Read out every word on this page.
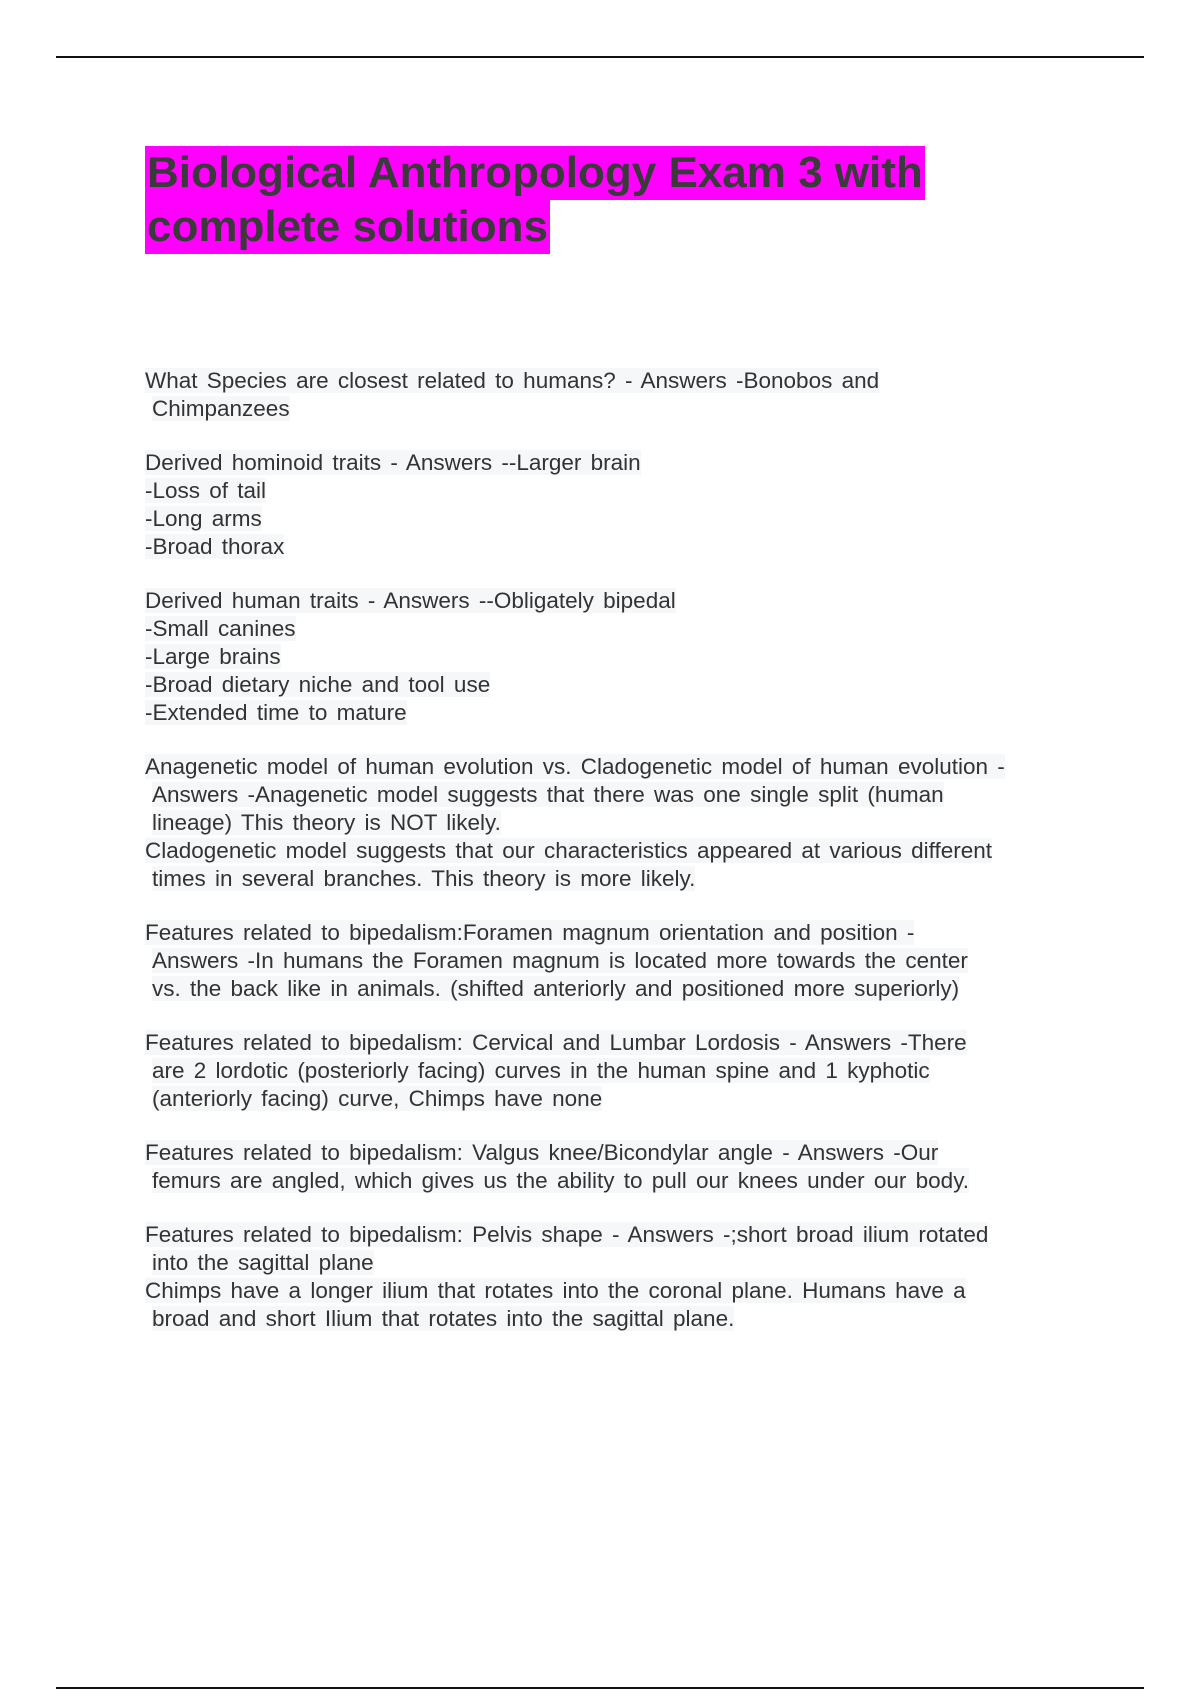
Biological Anthropology Exam 3 with
complete solutions
What Species are closest related to humans? - Answers -Bonobos and
Chimpanzees
Derived hominoid traits - Answers --Larger brain
-Loss of tail
-Long arms
-Broad thorax
Derived human traits - Answers --Obligately bipedal
-Small canines
-Large brains
-Broad dietary niche and tool use
-Extended time to mature
Anagenetic model of human evolution vs. Cladogenetic model of human evolution -
Answers -Anagenetic model suggests that there was one single split (human
lineage) This theory is NOT likely.
Cladogenetic model suggests that our characteristics appeared at various different
times in several branches. This theory is more likely.
Features related to bipedalism:Foramen magnum orientation and position -
Answers -In humans the Foramen magnum is located more towards the center
vs. the back like in animals. (shifted anteriorly and positioned more superiorly)
Features related to bipedalism: Cervical and Lumbar Lordosis - Answers -There
are 2 lordotic (posteriorly facing) curves in the human spine and 1 kyphotic
(anteriorly facing) curve, Chimps have none
Features related to bipedalism: Valgus knee/Bicondylar angle - Answers -Our
femurs are angled, which gives us the ability to pull our knees under our body.
Features related to bipedalism: Pelvis shape - Answers -;short broad ilium rotated
into the sagittal plane
Chimps have a longer ilium that rotates into the coronal plane. Humans have a
broad and short Ilium that rotates into the sagittal plane.
